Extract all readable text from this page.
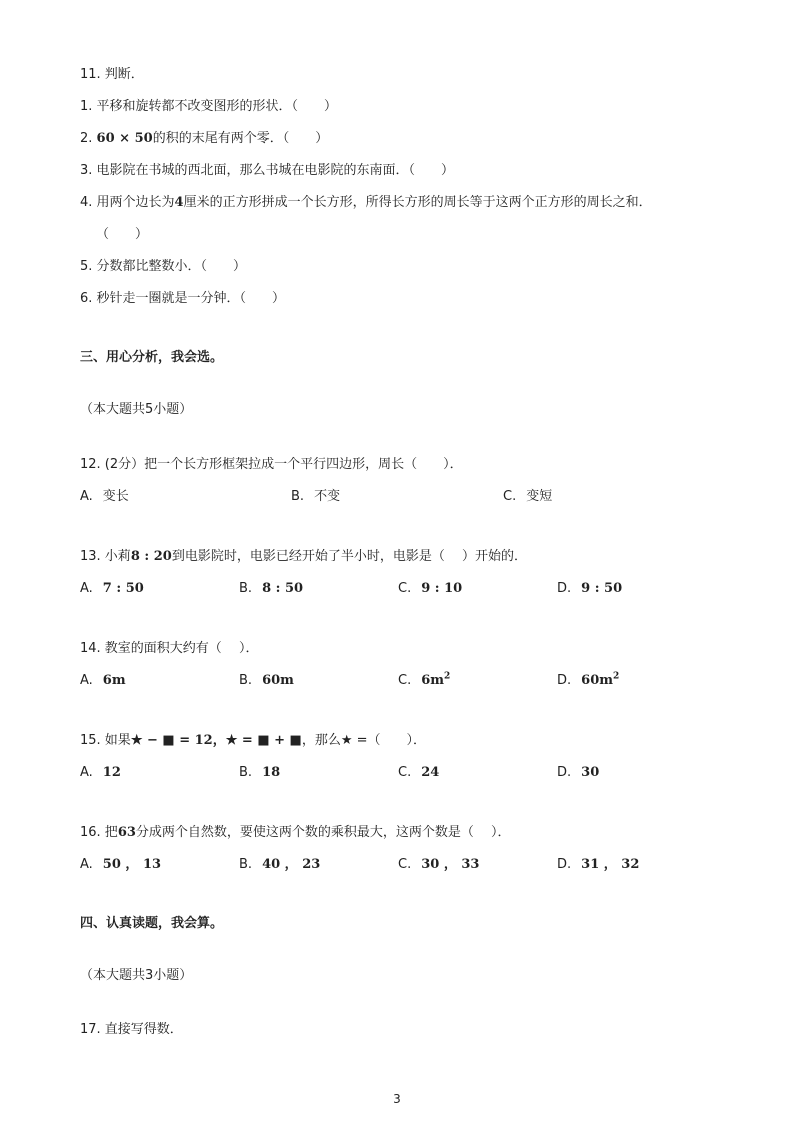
11. 判断．
1. 平移和旋转都不改变图形的形状．（　　）
2. 60 × 50的积的末尾有两个零．（　　）
3. 电影院在书城的西北面，那么书城在电影院的东南面．（　　）
4. 用两个边长为4厘米的正方形拼成一个长方形，所得长方形的周长等于这两个正方形的周长之和．
（　　）
5. 分数都比整数小．（　　）
6. 秒针走一圈就是一分钟．（　　）
三、用心分析，我会选。
（本大题共5小题）
12. (2分）把一个长方形框架拉成一个平行四边形，周长（　　）．
A. 变长	B. 不变	C. 变短
13. 小莉8 : 20到电影院时，电影已经开始了半小时，电影是（　 ）开始的．
A. 7 : 50	B. 8 : 50	C. 9 : 10	D. 9 : 50
14. 教室的面积大约有（　 ）．
A. 6m	B. 60m	C. $6m^2$	D. $60m^2$
15. 如果★ − ■ = 12，★ = ■ + ■，那么★ =（　　）．
A. 12	B. 18	C. 24	D. 30
16. 把63分成两个自然数，要使这两个数的乘积最大，这两个数是（　 ）．
A. 50 ， 13	B. 40 ， 23	C. 30 ， 33	D. 31 ， 32
四、认真读题，我会算。
（本大题共3小题）
17. 直接写得数．
3
